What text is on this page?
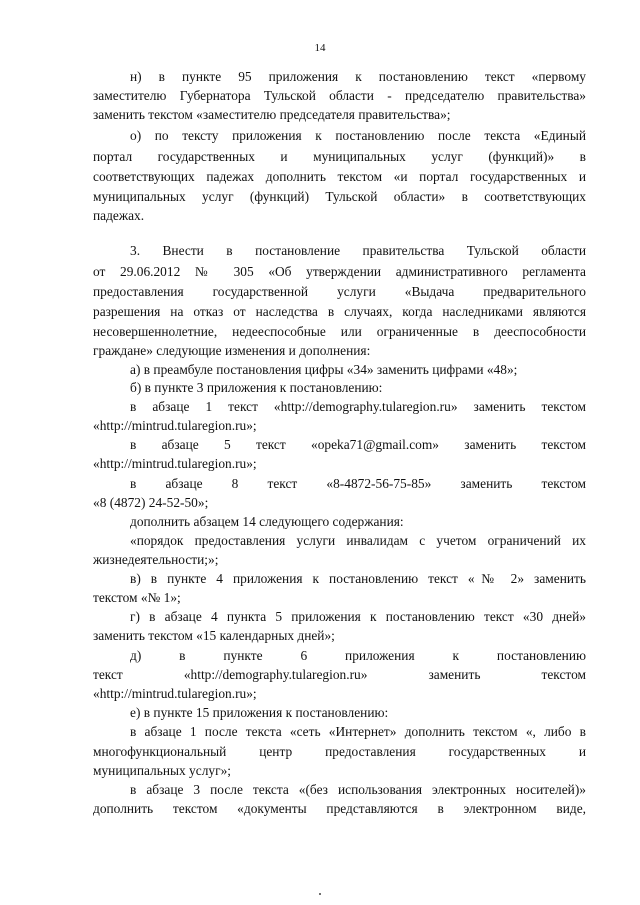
14
н) в пункте 95 приложения к постановлению текст «первому
заместителю Губернатора Тульской области - председателю правительства»
заменить текстом «заместителю председателя правительства»;
о) по тексту приложения к постановлению после текста «Единый
портал государственных и муниципальных услуг (функций)» в
соответствующих падежах дополнить текстом «и портал государственных и
муниципальных услуг (функций) Тульской области» в соответствующих
падежах.
3. Внести в постановление правительства Тульской области
от 29.06.2012 № 305 «Об утверждении административного регламента
предоставления государственной услуги «Выдача предварительного
разрешения на отказ от наследства в случаях, когда наследниками являются
несовершеннолетние, недееспособные или ограниченные в дееспособности
граждане» следующие изменения и дополнения:
а) в преамбуле постановления цифры «34» заменить цифрами «48»;
б) в пункте 3 приложения к постановлению:
в абзаце 1 текст «http://demography.tularegion.ru» заменить текстом
«http://mintrud.tularegion.ru»;
в абзаце 5 текст «opeka71@gmail.com» заменить текстом
«http://mintrud.tularegion.ru»;
в абзаце 8 текст «8-4872-56-75-85» заменить текстом
«8 (4872) 24-52-50»;
дополнить абзацем 14 следующего содержания:
«порядок предоставления услуги инвалидам с учетом ограничений их
жизнедеятельности;»;
в) в пункте 4 приложения к постановлению текст «№ 2» заменить
текстом «№ 1»;
г) в абзаце 4 пункта 5 приложения к постановлению текст «30 дней»
заменить текстом «15 календарных дней»;
д) в пункте 6 приложения к постановлению
текст «http://demography.tularegion.ru» заменить текстом
«http://mintrud.tularegion.ru»;
е) в пункте 15 приложения к постановлению:
в абзаце 1 после текста «сеть «Интернет» дополнить текстом «, либо в
многофункциональный центр предоставления государственных и
муниципальных услуг»;
в абзаце 3 после текста «(без использования электронных носителей)»
дополнить текстом «документы представляются в электронном виде,
